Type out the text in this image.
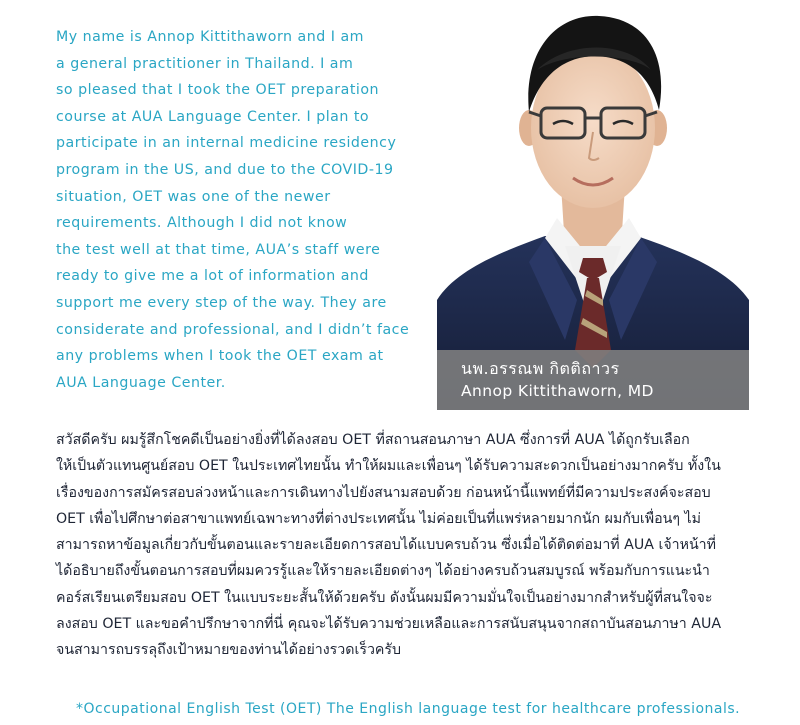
My name is Annop Kittithaworn and I am
a general practitioner in Thailand. I am
so pleased that I took the OET preparation
course at AUA Language Center. I plan to
participate in an internal medicine residency
program in the US, and due to the COVID-19
situation, OET was one of the newer
requirements. Although I did not know
the test well at that time, AUA’s staff were
ready to give me a lot of information and
support me every step of the way. They are
considerate and professional, and I didn’t face
any problems when I took the OET exam at
AUA Language Center.
นพ.อรรณพ กิตติถาวร
Annop Kittithaworn, MD
สวัสดีครับ ผมรู้สึกโชคดีเป็นอย่างยิ่งที่ได้ลงสอบ OET ที่สถานสอนภาษา AUA ซึ่งการที่ AUA ได้ถูกรับเลือก
ให้เป็นตัวแทนศูนย์สอบ OET ในประเทศไทยนั้น ทำให้ผมและเพื่อนๆ ได้รับความสะดวกเป็นอย่างมากครับ ทั้งใน
เรื่องของการสมัครสอบล่วงหน้าและการเดินทางไปยังสนามสอบด้วย ก่อนหน้านี้แพทย์ที่มีความประสงค์จะสอบ
OET เพื่อไปศึกษาต่อสาขาแพทย์เฉพาะทางที่ต่างประเทศนั้น ไม่ค่อยเป็นที่แพร่หลายมากนัก ผมกับเพื่อนๆ ไม่
สามารถหาข้อมูลเกี่ยวกับขั้นตอนและรายละเอียดการสอบได้แบบครบถ้วน ซึ่งเมื่อได้ติดต่อมาที่ AUA เจ้าหน้าที่
ได้อธิบายถึงขั้นตอนการสอบที่ผมควรรู้และให้รายละเอียดต่างๆ ได้อย่างครบถ้วนสมบูรณ์ พร้อมกับการแนะนำ
คอร์สเรียนเตรียมสอบ OET ในแบบระยะสั้นให้ด้วยครับ ดังนั้นผมมีความมั่นใจเป็นอย่างมากสำหรับผู้ที่สนใจจะ
ลงสอบ OET และขอคำปรึกษาจากที่นี่ คุณจะได้รับความช่วยเหลือและการสนับสนุนจากสถาบันสอนภาษา AUA
จนสามารถบรรลุถึงเป้าหมายของท่านได้อย่างรวดเร็วครับ
*Occupational English Test (OET) The English language test for healthcare professionals.
